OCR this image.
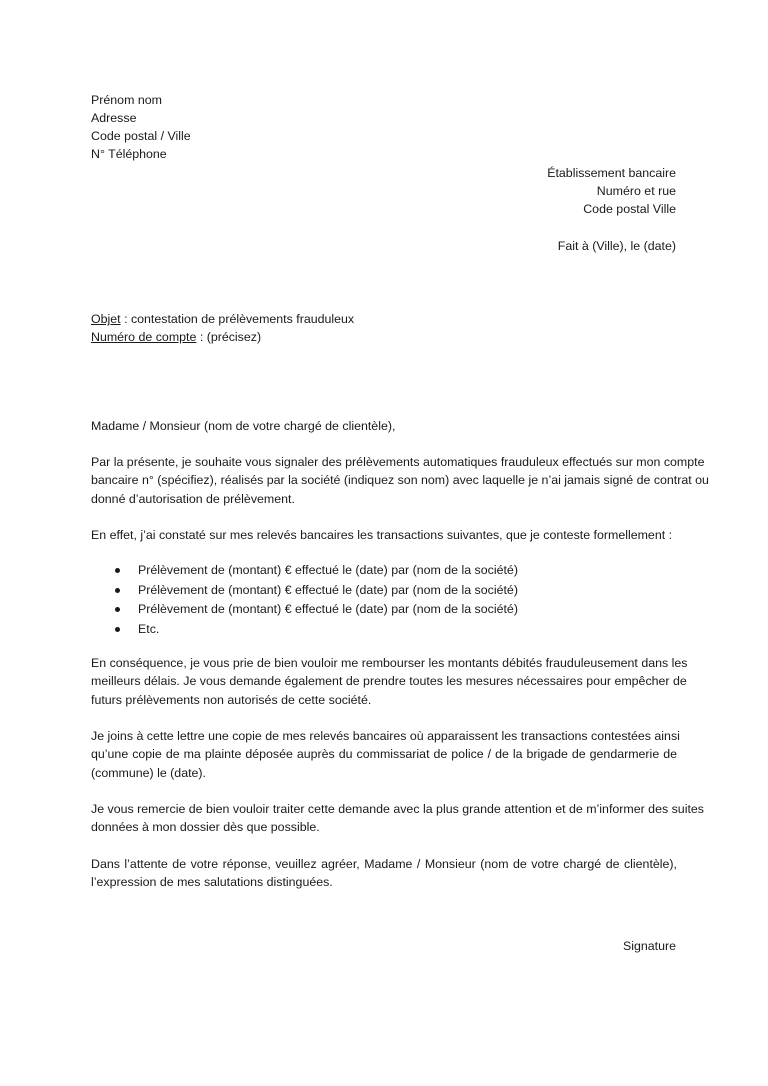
Prénom nom
Adresse
Code postal / Ville
N° Téléphone
Établissement bancaire
Numéro et rue
Code postal Ville
Fait à (Ville), le (date)
Objet : contestation de prélèvements frauduleux
Numéro de compte : (précisez)
Madame / Monsieur (nom de votre chargé de clientèle),
Par la présente, je souhaite vous signaler des prélèvements automatiques frauduleux effectués sur mon compte
bancaire n° (spécifiez), réalisés par la société (indiquez son nom) avec laquelle je n’ai jamais signé de contrat ou
donné d’autorisation de prélèvement.
En effet, j’ai constaté sur mes relevés bancaires les transactions suivantes, que je conteste formellement :
Prélèvement de (montant) € effectué le (date) par (nom de la société)
Prélèvement de (montant) € effectué le (date) par (nom de la société)
Prélèvement de (montant) € effectué le (date) par (nom de la société)
Etc.
En conséquence, je vous prie de bien vouloir me rembourser les montants débités frauduleusement dans les
meilleurs délais. Je vous demande également de prendre toutes les mesures nécessaires pour empêcher de
futurs prélèvements non autorisés de cette société.
Je joins à cette lettre une copie de mes relevés bancaires où apparaissent les transactions contestées ainsi
qu’une copie de ma plainte déposée auprès du commissariat de police / de la brigade de gendarmerie de
(commune) le (date).
Je vous remercie de bien vouloir traiter cette demande avec la plus grande attention et de m’informer des suites
données à mon dossier dès que possible.
Dans l’attente de votre réponse, veuillez agréer, Madame / Monsieur (nom de votre chargé de clientèle),
l’expression de mes salutations distinguées.
Signature
